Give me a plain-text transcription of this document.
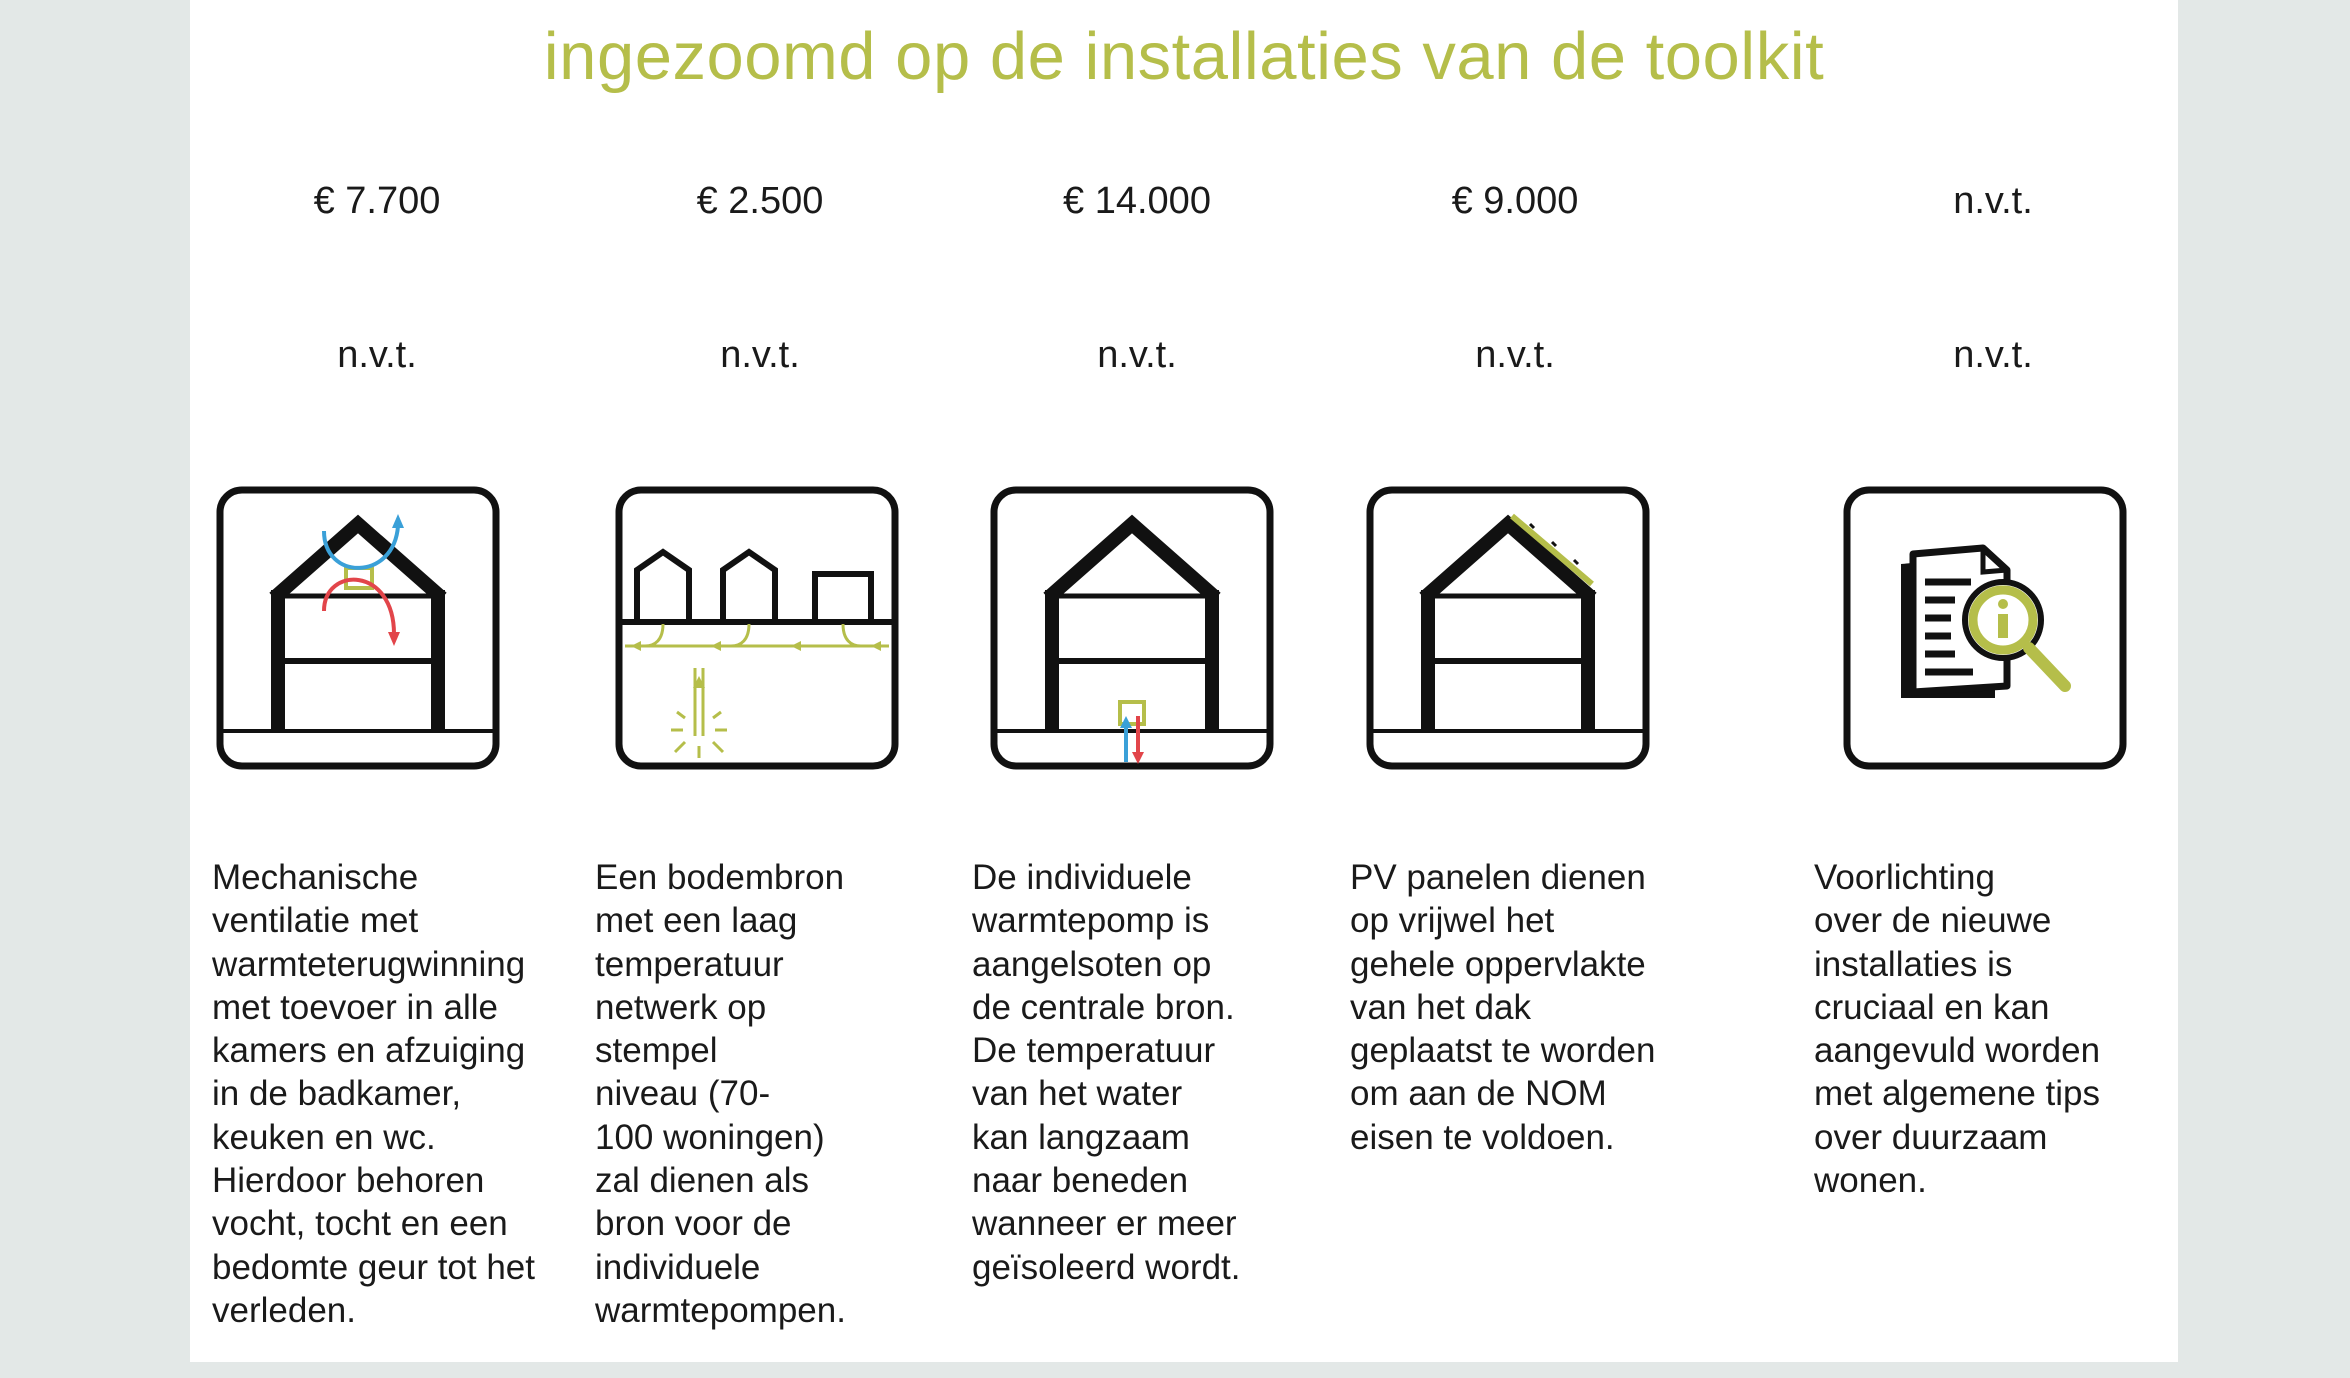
ingezoomd op de installaties van de toolkit
€ 7.700
n.v.t.
Mechanische
ventilatie met
warmteterugwinning
met toevoer in alle
kamers en afzuiging
in de badkamer,
keuken en wc.
Hierdoor behoren
vocht, tocht en een
bedomte geur tot het
verleden.
€ 2.500
n.v.t.
Een bodembron
met een laag
temperatuur
netwerk op
stempel
niveau (70-
100 woningen)
zal dienen als
bron voor de
individuele
warmtepompen.
€ 14.000
n.v.t.
De individuele
warmtepomp is
aangelsoten op
de centrale bron.
De temperatuur
van het water
kan langzaam
naar beneden
wanneer er meer
geïsoleerd wordt.
€ 9.000
n.v.t.
PV panelen dienen
op vrijwel het
gehele oppervlakte
van het dak
geplaatst te worden
om aan de NOM
eisen te voldoen.
n.v.t.
n.v.t.
Voorlichting
over de nieuwe
installaties is
cruciaal en kan
aangevuld worden
met algemene tips
over duurzaam
wonen.
